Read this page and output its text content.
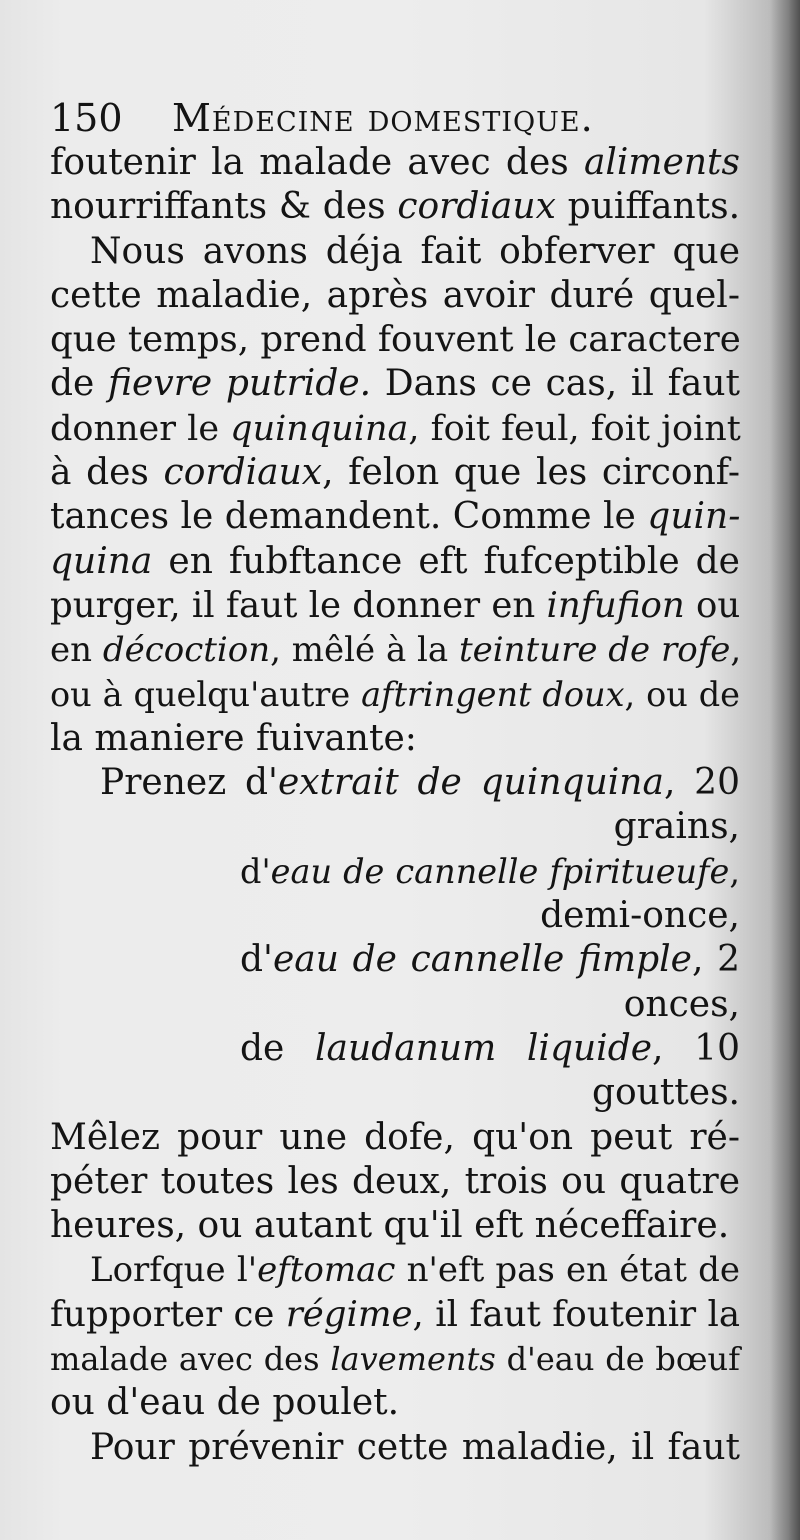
150	Médecine domestique.
foutenir la malade avec des aliments
nourriffants & des cordiaux puiffants.
Nous avons déja fait obferver que
cette maladie, après avoir duré quel-
que temps, prend fouvent le caractere
de fievre putride. Dans ce cas, il faut
donner le quinquina, foit feul, foit joint
à des cordiaux, felon que les circonf-
tances le demandent. Comme le quin-
quina en fubftance eft fufceptible de
purger, il faut le donner en infufion ou
en décoction, mêlé à la teinture de rofe,
ou à quelqu'autre aftringent doux, ou de
la maniere fuivante:
Prenez d'extrait de quinquina, 20
grains,
d'eau de cannelle fpiritueufe,
demi-once,
d'eau de cannelle fimple, 2
onces,
de laudanum liquide, 10
gouttes.
Mêlez pour une dofe, qu'on peut ré-
péter toutes les deux, trois ou quatre
heures, ou autant qu'il eft néceffaire.
Lorfque l'eftomac n'eft pas en état de
fupporter ce régime, il faut foutenir la
malade avec des lavements d'eau de bœuf
ou d'eau de poulet.
Pour prévenir cette maladie, il faut
